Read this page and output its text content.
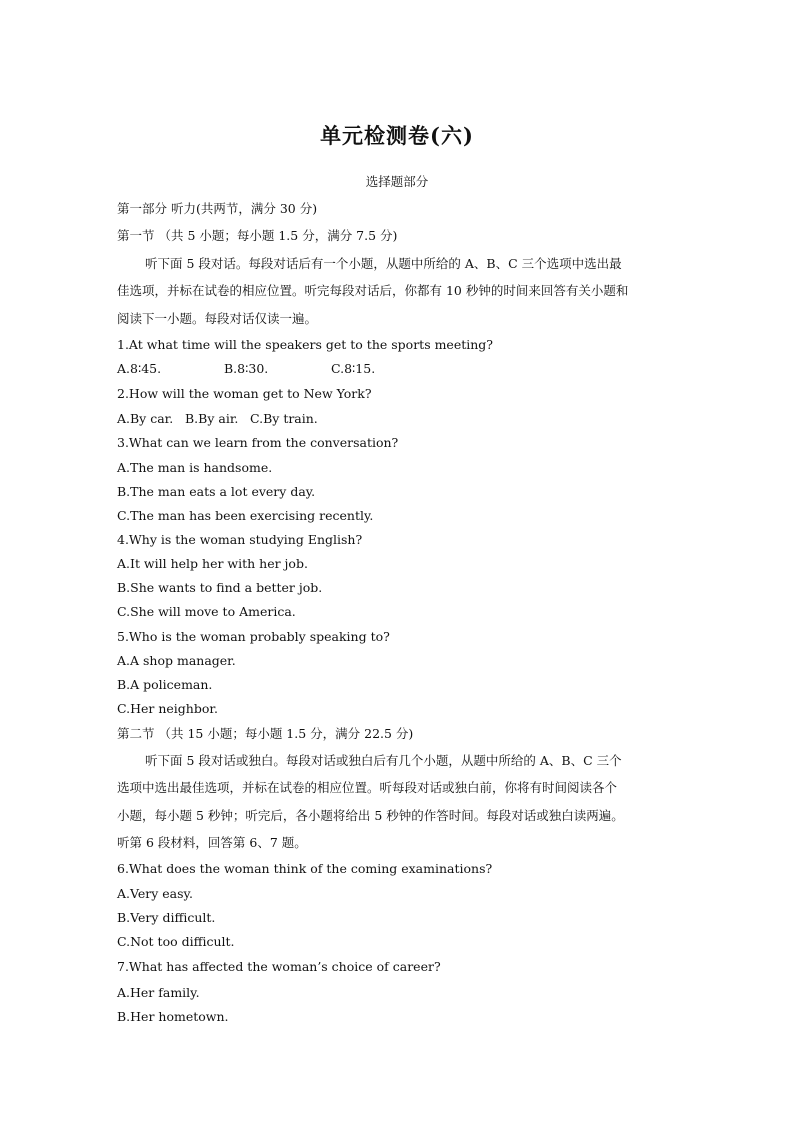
单元检测卷(六)
选择题部分
第一部分 听力(共两节，满分 30 分)
第一节 （共 5 小题；每小题 1.5 分，满分 7.5 分)
听下面 5 段对话。每段对话后有一个小题，从题中所给的 A、B、C 三个选项中选出最
佳选项，并标在试卷的相应位置。听完每段对话后，你都有 10 秒钟的时间来回答有关小题和
阅读下一小题。每段对话仅读一遍。
1.At what time will the speakers get to the sports meeting?
A.8∶45.	B.8∶30.	C.8∶15.
2.How will the woman get to New York?
A.By car. B.By air. C.By train.
3.What can we learn from the conversation?
A.The man is handsome.
B.The man eats a lot every day.
C.The man has been exercising recently.
4.Why is the woman studying English?
A.It will help her with her job.
B.She wants to find a better job.
C.She will move to America.
5.Who is the woman probably speaking to?
A.A shop manager.
B.A policeman.
C.Her neighbor.
第二节 （共 15 小题；每小题 1.5 分，满分 22.5 分)
听下面 5 段对话或独白。每段对话或独白后有几个小题，从题中所给的 A、B、C 三个
选项中选出最佳选项，并标在试卷的相应位置。听每段对话或独白前，你将有时间阅读各个
小题，每小题 5 秒钟；听完后，各小题将给出 5 秒钟的作答时间。每段对话或独白读两遍。
听第 6 段材料，回答第 6、7 题。
6.What does the woman think of the coming examinations?
A.Very easy.
B.Very difficult.
C.Not too difficult.
7.What has affected the woman’s choice of career?
A.Her family.
B.Her hometown.
